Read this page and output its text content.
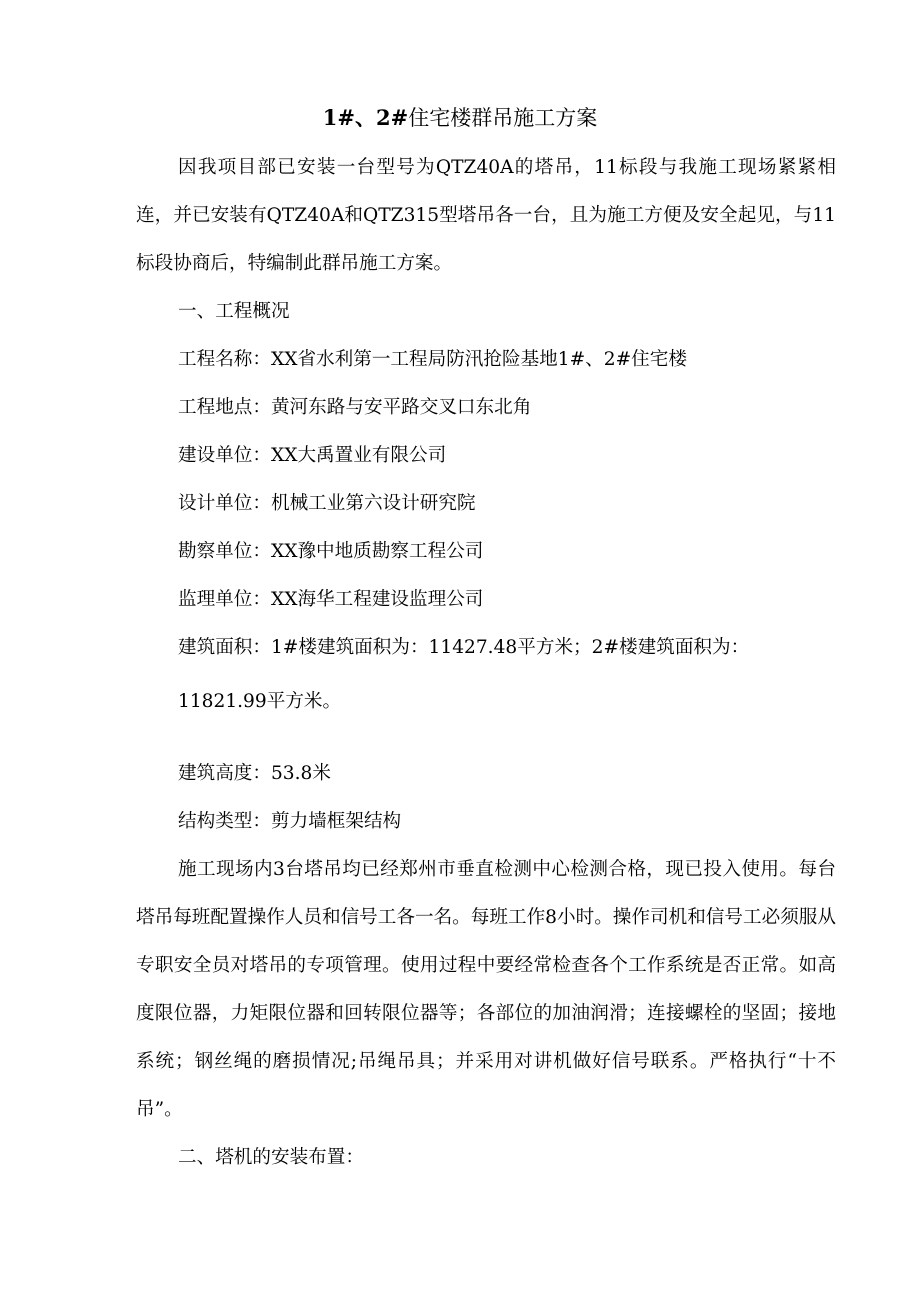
1#、2#住宅楼群吊施工方案

因我项目部已安装一台型号为QTZ40A的塔吊，11标段与我施工现场紧紧相连，并已安装有QTZ40A和QTZ315型塔吊各一台，且为施工方便及安全起见，与11标段协商后，特编制此群吊施工方案。

一、工程概况

工程名称：XX省水利第一工程局防汛抢险基地1#、2#住宅楼

工程地点：黄河东路与安平路交叉口东北角

建设单位：XX大禹置业有限公司

设计单位：机械工业第六设计研究院

勘察单位：XX豫中地质勘察工程公司

监理单位：XX海华工程建设监理公司

建筑面积：1#楼建筑面积为：11427.48平方米；2#楼建筑面积为：

11821.99平方米。

建筑高度：53.8米

结构类型：剪力墙框架结构

施工现场内3台塔吊均已经郑州市垂直检测中心检测合格，现已投入使用。每台塔吊每班配置操作人员和信号工各一名。每班工作8小时。操作司机和信号工必须服从专职安全员对塔吊的专项管理。使用过程中要经常检查各个工作系统是否正常。如高度限位器，力矩限位器和回转限位器等；各部位的加油润滑；连接螺栓的坚固；接地系统；钢丝绳的磨损情况;吊绳吊具；并采用对讲机做好信号联系。严格执行“十不吊”。

二、塔机的安装布置：
